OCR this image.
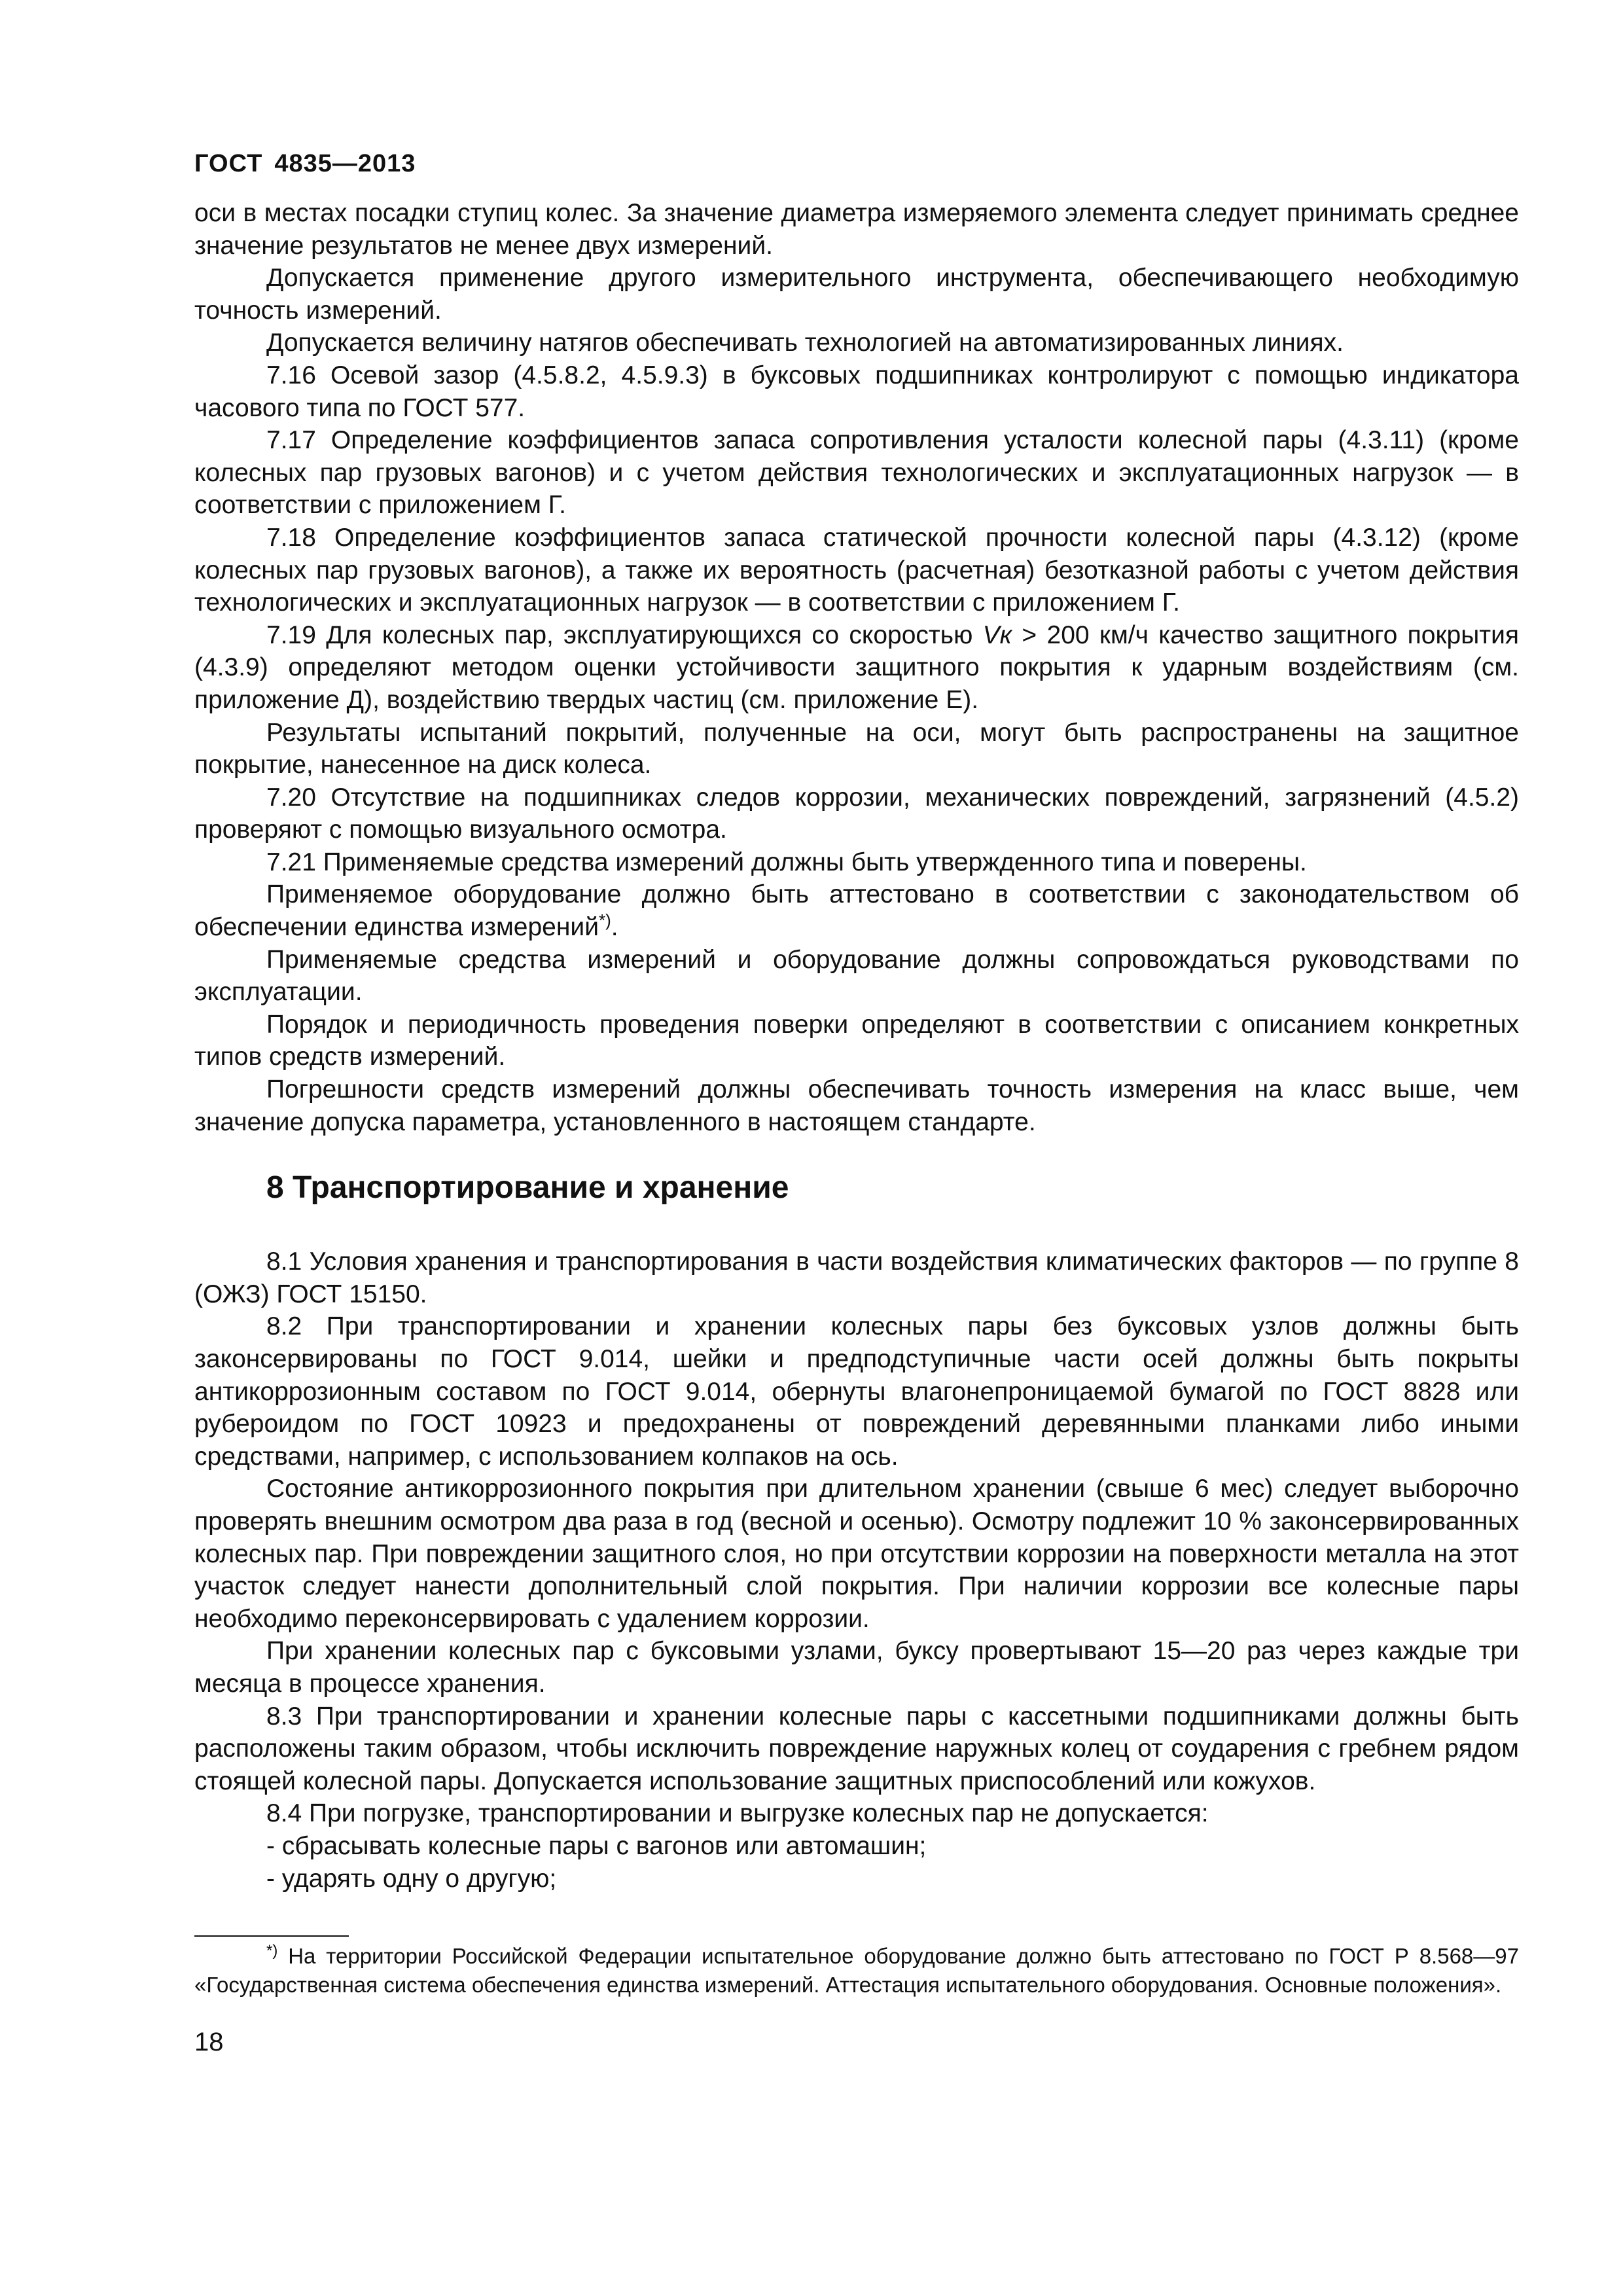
ГОСТ 4835—2013

оси в местах посадки ступиц колес. За значение диаметра измеряемого элемента следует принимать среднее значение результатов не менее двух измерений.

Допускается применение другого измерительного инструмента, обеспечивающего необходимую точность измерений.

Допускается величину натягов обеспечивать технологией на автоматизированных линиях.

7.16 Осевой зазор (4.5.8.2, 4.5.9.3) в буксовых подшипниках контролируют с помощью индикатора часового типа по ГОСТ 577.

7.17 Определение коэффициентов запаса сопротивления усталости колесной пары (4.3.11) (кроме колесных пар грузовых вагонов) и с учетом действия технологических и эксплуатационных нагрузок — в соответствии с приложением Г.

7.18 Определение коэффициентов запаса статической прочности колесной пары (4.3.12) (кроме колесных пар грузовых вагонов), а также их вероятность (расчетная) безотказной работы с учетом действия технологических и эксплуатационных нагрузок — в соответствии с приложением Г.

7.19 Для колесных пар, эксплуатирующихся со скоростью Vк > 200 км/ч качество защитного покрытия (4.3.9) определяют методом оценки устойчивости защитного покрытия к ударным воздействиям (см. приложение Д), воздействию твердых частиц (см. приложение Е).

Результаты испытаний покрытий, полученные на оси, могут быть распространены на защитное покрытие, нанесенное на диск колеса.

7.20 Отсутствие на подшипниках следов коррозии, механических повреждений, загрязнений (4.5.2) проверяют с помощью визуального осмотра.

7.21 Применяемые средства измерений должны быть утвержденного типа и поверены.

Применяемое оборудование должно быть аттестовано в соответствии с законодательством об обеспечении единства измерений*).

Применяемые средства измерений и оборудование должны сопровождаться руководствами по эксплуатации.

Порядок и периодичность проведения поверки определяют в соответствии с описанием конкретных типов средств измерений.

Погрешности средств измерений должны обеспечивать точность измерения на класс выше, чем значение допуска параметра, установленного в настоящем стандарте.

8 Транспортирование и хранение

8.1 Условия хранения и транспортирования в части воздействия климатических факторов — по группе 8 (ОЖЗ) ГОСТ 15150.

8.2 При транспортировании и хранении колесных пары без буксовых узлов должны быть законсервированы по ГОСТ 9.014, шейки и предподступичные части осей должны быть покрыты антикоррозионным составом по ГОСТ 9.014, обернуты влагонепроницаемой бумагой по ГОСТ 8828 или рубероидом по ГОСТ 10923 и предохранены от повреждений деревянными планками либо иными средствами, например, с использованием колпаков на ось.

Состояние антикоррозионного покрытия при длительном хранении (свыше 6 мес) следует выборочно проверять внешним осмотром два раза в год (весной и осенью). Осмотру подлежит 10 % законсервированных колесных пар. При повреждении защитного слоя, но при отсутствии коррозии на поверхности металла на этот участок следует нанести дополнительный слой покрытия. При наличии коррозии все колесные пары необходимо переконсервировать с удалением коррозии.

При хранении колесных пар с буксовыми узлами, буксу провертывают 15—20 раз через каждые три месяца в процессе хранения.

8.3 При транспортировании и хранении колесные пары с кассетными подшипниками должны быть расположены таким образом, чтобы исключить повреждение наружных колец от соударения с гребнем рядом стоящей колесной пары. Допускается использование защитных приспособлений или кожухов.

8.4 При погрузке, транспортировании и выгрузке колесных пар не допускается:

- сбрасывать колесные пары с вагонов или автомашин;

- ударять одну о другую;

*) На территории Российской Федерации испытательное оборудование должно быть аттестовано по ГОСТ Р 8.568—97 «Государственная система обеспечения единства измерений. Аттестация испытательного оборудования. Основные положения».
18
